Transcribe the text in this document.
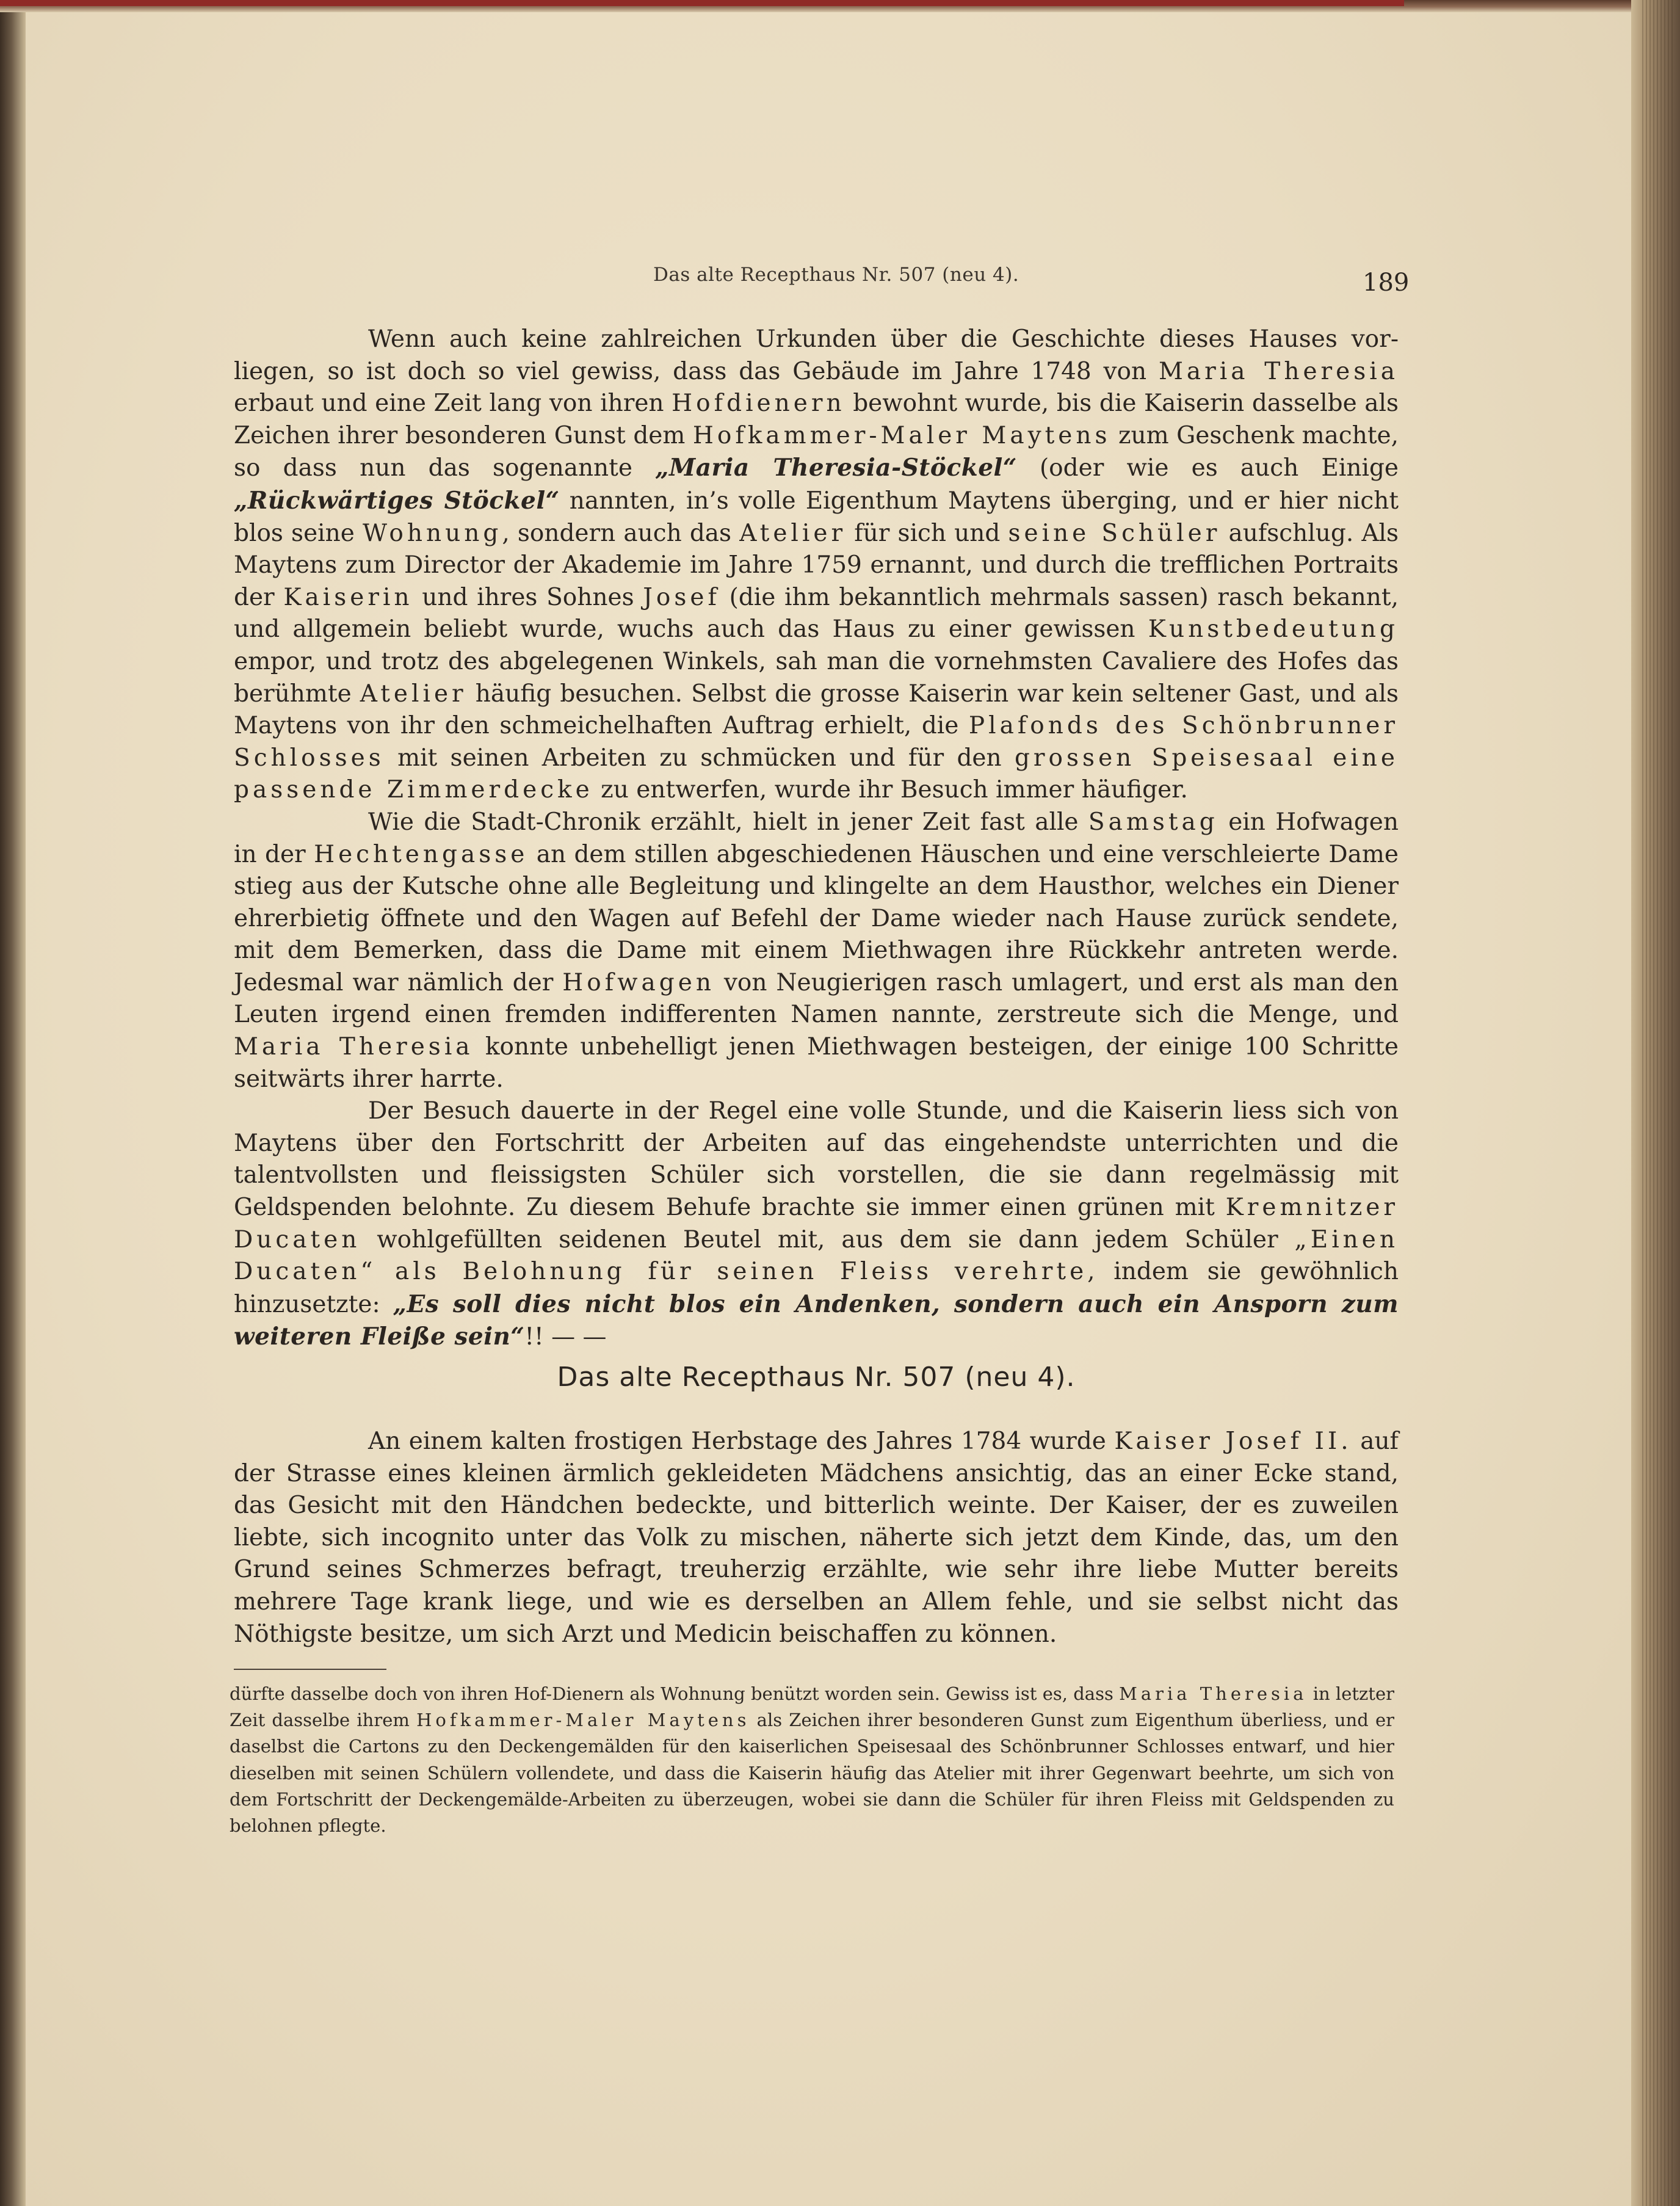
Das alte Recepthaus Nr. 507 (neu 4).	189

Wenn auch keine zahlreichen Urkunden über die Geschichte dieses Hauses vorliegen, so ist doch so viel gewiss, dass das Gebäude im Jahre 1748 von Maria Theresia erbaut und eine Zeit lang von ihren Hofdienern bewohnt wurde, bis die Kaiserin dasselbe als Zeichen ihrer besonderen Gunst dem Hofkammer-Maler Maytens zum Geschenk machte, so dass nun das sogenannte „Maria Theresia-Stöckel“ (oder wie es auch Einige „Rückwärtiges Stöckel“ nannten, in’s volle Eigenthum Maytens überging, und er hier nicht blos seine Wohnung, sondern auch das Atelier für sich und seine Schüler aufschlug. Als Maytens zum Director der Akademie im Jahre 1759 ernannt, und durch die trefflichen Portraits der Kaiserin und ihres Sohnes Josef (die ihm bekanntlich mehrmals sassen) rasch bekannt, und allgemein beliebt wurde, wuchs auch das Haus zu einer gewissen Kunstbedeutung empor, und trotz des abgelegenen Winkels, sah man die vornehmsten Cavaliere des Hofes das berühmte Atelier häufig besuchen. Selbst die grosse Kaiserin war kein seltener Gast, und als Maytens von ihr den schmeichelhaften Auftrag erhielt, die Plafonds des Schönbrunner Schlosses mit seinen Arbeiten zu schmücken und für den grossen Speisesaal eine passende Zimmerdecke zu entwerfen, wurde ihr Besuch immer häufiger.

Wie die Stadt-Chronik erzählt, hielt in jener Zeit fast alle Samstag ein Hofwagen in der Hechtengasse an dem stillen abgeschiedenen Häuschen und eine verschleierte Dame stieg aus der Kutsche ohne alle Begleitung und klingelte an dem Hausthor, welches ein Diener ehrerbietig öffnete und den Wagen auf Befehl der Dame wieder nach Hause zurück sendete, mit dem Bemerken, dass die Dame mit einem Miethwagen ihre Rückkehr antreten werde. Jedesmal war nämlich der Hofwagen von Neugierigen rasch umlagert, und erst als man den Leuten irgend einen fremden indifferenten Namen nannte, zerstreute sich die Menge, und Maria Theresia konnte unbehelligt jenen Miethwagen besteigen, der einige 100 Schritte seitwärts ihrer harrte.

Der Besuch dauerte in der Regel eine volle Stunde, und die Kaiserin liess sich von Maytens über den Fortschritt der Arbeiten auf das eingehendste unterrichten und die talentvollsten und fleissigsten Schüler sich vorstellen, die sie dann regelmässig mit Geldspenden belohnte. Zu diesem Behufe brachte sie immer einen grünen mit Kremnitzer Ducaten wohlgefüllten seidenen Beutel mit, aus dem sie dann jedem Schüler „Einen Ducaten“ als Belohnung für seinen Fleiss verehrte, indem sie gewöhnlich hinzusetzte: „Es soll dies nicht blos ein Andenken, sondern auch ein Ansporn zum weiteren Fleiße sein“!! — —

Das alte Recepthaus Nr. 507 (neu 4).

An einem kalten frostigen Herbstage des Jahres 1784 wurde Kaiser Josef II. auf der Strasse eines kleinen ärmlich gekleideten Mädchens ansichtig, das an einer Ecke stand, das Gesicht mit den Händchen bedeckte, und bitterlich weinte. Der Kaiser, der es zuweilen liebte, sich incognito unter das Volk zu mischen, näherte sich jetzt dem Kinde, das, um den Grund seines Schmerzes befragt, treuherzig erzählte, wie sehr ihre liebe Mutter bereits mehrere Tage krank liege, und wie es derselben an Allem fehle, und sie selbst nicht das Nöthigste besitze, um sich Arzt und Medicin beischaffen zu können.

dürfte dasselbe doch von ihren Hof-Dienern als Wohnung benützt worden sein. Gewiss ist es, dass Maria Theresia in letzter Zeit dasselbe ihrem Hofkammer-Maler Maytens als Zeichen ihrer besonderen Gunst zum Eigenthum überliess, und er daselbst die Cartons zu den Deckengemälden für den kaiserlichen Speisesaal des Schönbrunner Schlosses entwarf, und hier dieselben mit seinen Schülern vollendete, und dass die Kaiserin häufig das Atelier mit ihrer Gegenwart beehrte, um sich von dem Fortschritt der Deckengemälde-Arbeiten zu überzeugen, wobei sie dann die Schüler für ihren Fleiss mit Geldspenden zu belohnen pflegte.
